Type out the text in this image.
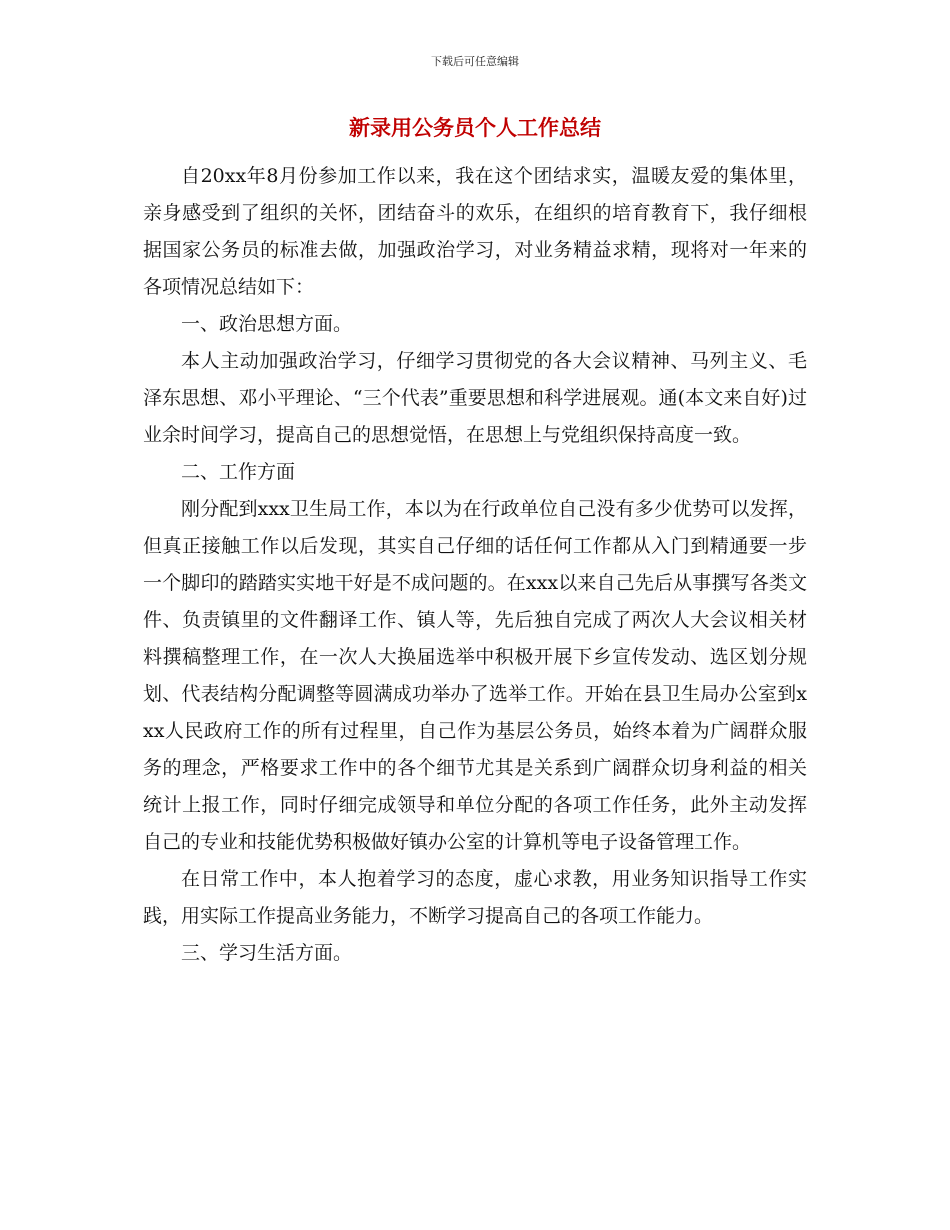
下载后可任意编辑
新录用公务员个人工作总结

自20xx年8月份参加工作以来，我在这个团结求实，温暖友爱的集体里，亲身感受到了组织的关怀，团结奋斗的欢乐，在组织的培育教育下，我仔细根据国家公务员的标准去做，加强政治学习，对业务精益求精，现将对一年来的各项情况总结如下：

一、政治思想方面。

本人主动加强政治学习，仔细学习贯彻党的各大会议精神、马列主义、毛泽东思想、邓小平理论、“三个代表”重要思想和科学进展观。通(本文来自好)过业余时间学习，提高自己的思想觉悟，在思想上与党组织保持高度一致。

二、工作方面

刚分配到xxx卫生局工作，本以为在行政单位自己没有多少优势可以发挥，但真正接触工作以后发现，其实自己仔细的话任何工作都从入门到精通要一步一个脚印的踏踏实实地干好是不成问题的。在xxx以来自己先后从事撰写各类文件、负责镇里的文件翻译工作、镇人等，先后独自完成了两次人大会议相关材料撰稿整理工作，在一次人大换届选举中积极开展下乡宣传发动、选区划分规划、代表结构分配调整等圆满成功举办了选举工作。开始在县卫生局办公室到xxx人民政府工作的所有过程里，自己作为基层公务员，始终本着为广阔群众服务的理念，严格要求工作中的各个细节尤其是关系到广阔群众切身利益的相关统计上报工作，同时仔细完成领导和单位分配的各项工作任务，此外主动发挥自己的专业和技能优势积极做好镇办公室的计算机等电子设备管理工作。

在日常工作中，本人抱着学习的态度，虚心求教，用业务知识指导工作实践，用实际工作提高业务能力，不断学习提高自己的各项工作能力。

三、学习生活方面。
